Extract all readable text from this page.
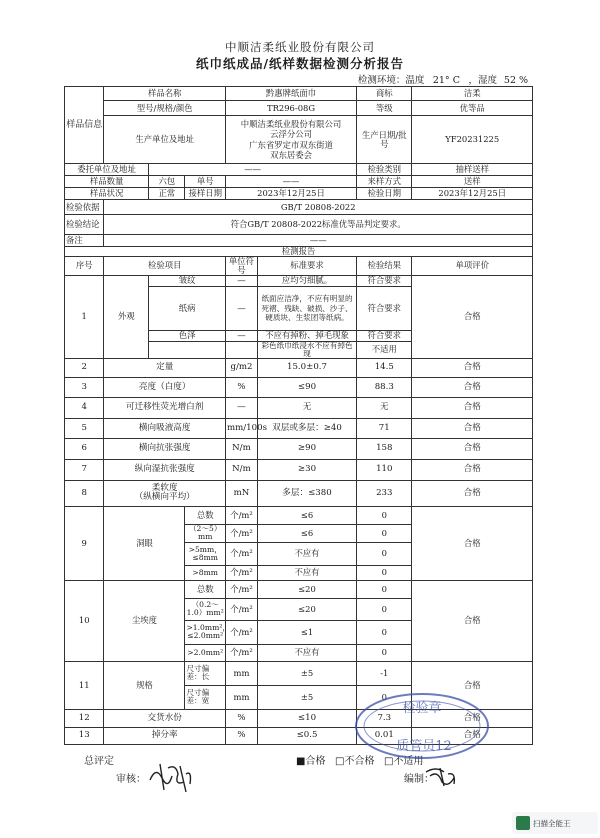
中顺洁柔纸业股份有限公司
纸巾纸成品/纸样数据检测分析报告
检测环境：温度 21° C ，湿度 52 %
样品信息	样品名称			黔惠牌纸面巾		商标	洁柔
	型号/规格/颜色			TR296-08G		等级	优等品
	生产单位及地址			中顺洁柔纸业股份有限公司
云浮分公司
广东省罗定市双东街道
双东居委会		生产日期/批号	YF20231225
委托单位及地址		——				检验类别	抽样送样
样品数量		六包	单号	——		来样方式	送样
样品状况		正常	接样日期	2023年12月25日		检验日期	2023年12月25日
检验依据	GB/T 20808-2022						
检验结论	符合GB/T 20808-2022标准优等品判定要求。						
备注	——						
检测报告							
序号	检验项目			单位符号	标准要求	检验结果	单项评价
1	外观	皱纹		—	应均匀细腻。	符合要求	合格
		纸病		—	纸面应洁净，不应有明显的死褶、残缺、破损、沙子、硬质块、生浆团等纸病。	符合要求	
		色泽		—	不应有掉粉、掉毛现象	符合要求	
					彩色纸巾纸浸水不应有掉色现	不适用	
2	定量			g/m2	15.0±0.7	14.5	合格
3	亮度（白度）			%	≤90	88.3	合格
4	可迁移性荧光增白剂			—	无	无	合格
5	横向吸液高度			mm/100s	双层或多层：≥40	71	合格
6	横向抗张强度			N/m	≥90	158	合格
7	纵向湿抗张强度			N/m	≥30	110	合格
8	柔软度
（纵横向平均）			mN	多层：≤380	233	合格
9	洞眼		总数	个/m²	≤6	0	合格
			（2～5）mm	个/m²	≤6	0	
			>5mm，≤8mm	个/m²	不应有	0	
			>8mm	个/m²	不应有	0	
10	尘埃度		总数	个/m²	≤20	0	合格
			（0.2～1.0）mm²	个/m²	≤20	0	
			>1.0mm²，≤2.0mm²	个/m²	≤1	0	
			>2.0mm²	个/m²	不应有	0	
11	规格		尺寸偏差：长	mm	±5	-1	合格
			尺寸偏差：宽	mm	±5	0	
12	交货水份			%	≤10	7.3	合格
13	掉分率			%	≤0.5	0.01	合格
总评定	■合格 □不合格 □不适用
审核：	编制：
检验章
质管员12
扫描全能王
